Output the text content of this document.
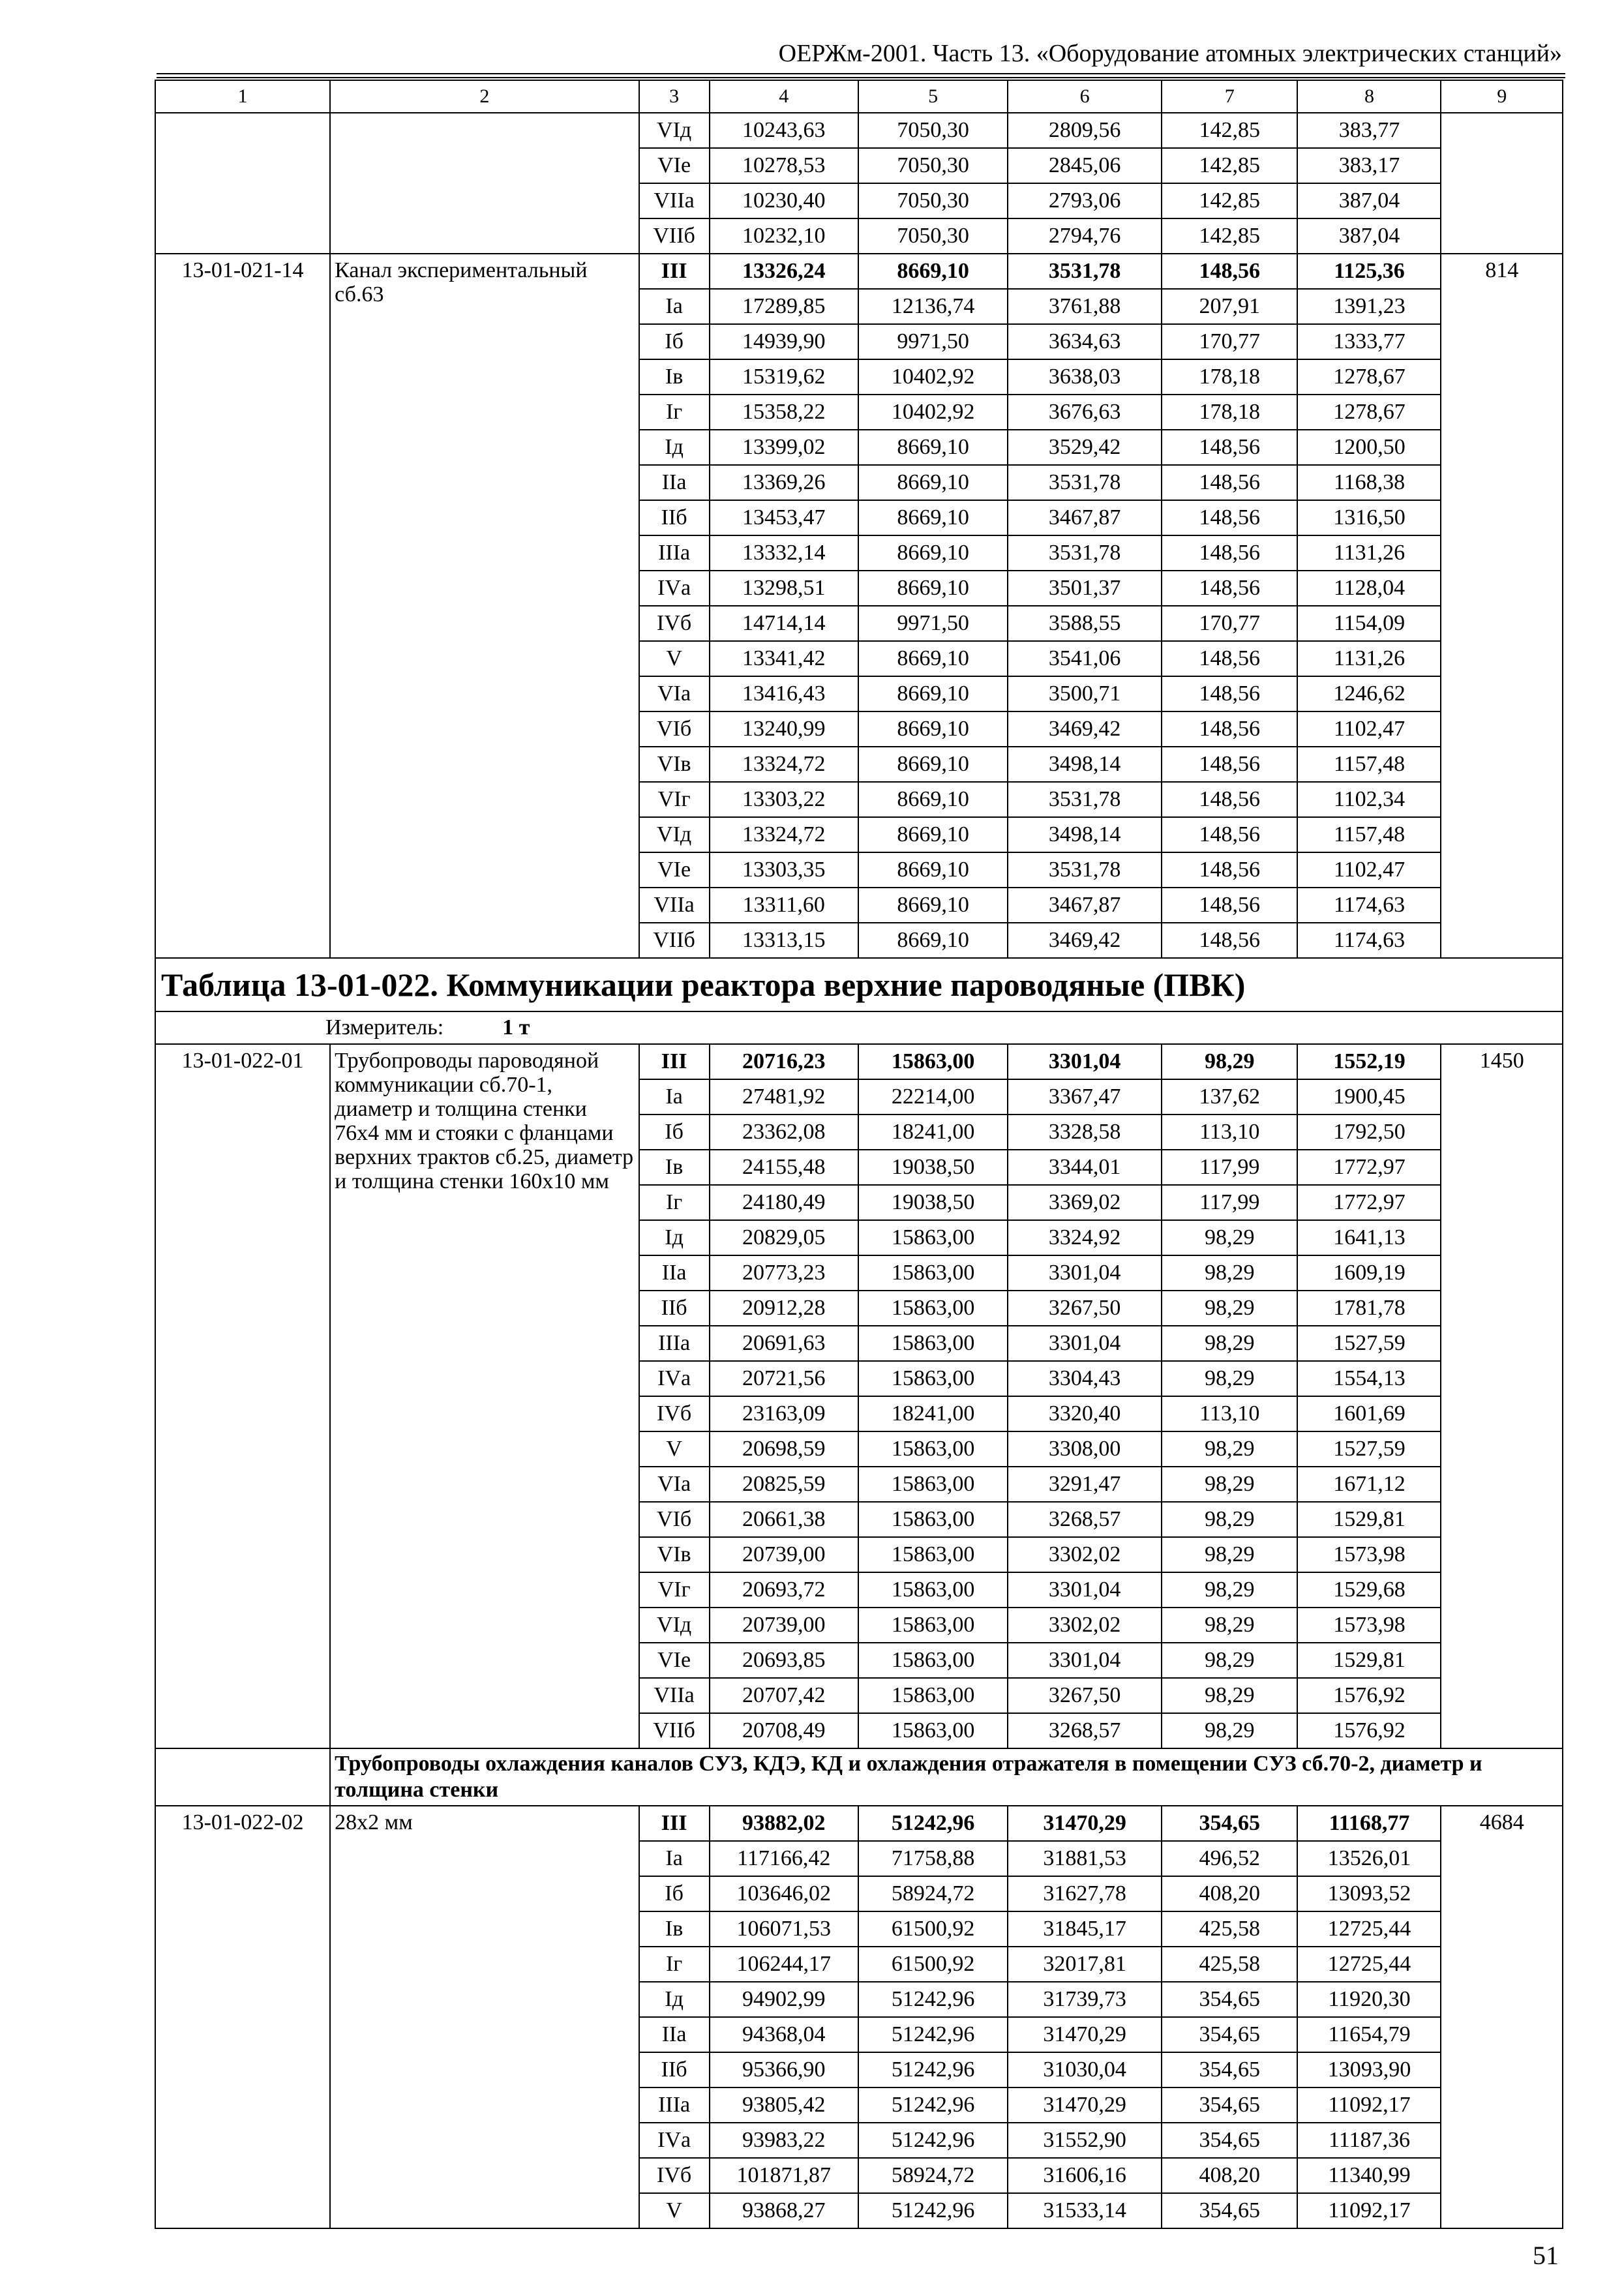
ОЕРЖм-2001. Часть 13. «Оборудование атомных электрических станций»
1	2	3	4	5	6	7	8	9
		VIд	10243,63	7050,30	2809,56	142,85	383,77	
		VIе	10278,53	7050,30	2845,06	142,85	383,17	
		VIIа	10230,40	7050,30	2793,06	142,85	387,04	
		VIIб	10232,10	7050,30	2794,76	142,85	387,04	
13-01-021-14	Канал экспериментальный сб.63	III	13326,24	8669,10	3531,78	148,56	1125,36	814
		Iа	17289,85	12136,74	3761,88	207,91	1391,23	
		Iб	14939,90	9971,50	3634,63	170,77	1333,77	
		Iв	15319,62	10402,92	3638,03	178,18	1278,67	
		Iг	15358,22	10402,92	3676,63	178,18	1278,67	
		Iд	13399,02	8669,10	3529,42	148,56	1200,50	
		IIа	13369,26	8669,10	3531,78	148,56	1168,38	
		IIб	13453,47	8669,10	3467,87	148,56	1316,50	
		IIIа	13332,14	8669,10	3531,78	148,56	1131,26	
		IVа	13298,51	8669,10	3501,37	148,56	1128,04	
		IVб	14714,14	9971,50	3588,55	170,77	1154,09	
		V	13341,42	8669,10	3541,06	148,56	1131,26	
		VIа	13416,43	8669,10	3500,71	148,56	1246,62	
		VIб	13240,99	8669,10	3469,42	148,56	1102,47	
		VIв	13324,72	8669,10	3498,14	148,56	1157,48	
		VIг	13303,22	8669,10	3531,78	148,56	1102,34	
		VIд	13324,72	8669,10	3498,14	148,56	1157,48	
		VIе	13303,35	8669,10	3531,78	148,56	1102,47	
		VIIа	13311,60	8669,10	3467,87	148,56	1174,63	
		VIIб	13313,15	8669,10	3469,42	148,56	1174,63	
Таблица 13-01-022. Коммуникации реактора верхние пароводяные (ПВК)								
Измеритель: 1 т								
13-01-022-01	Трубопроводы пароводяной коммуникации сб.70-1, диаметр и толщина стенки 76х4 мм и стояки с фланцами верхних трактов сб.25, диаметр и толщина стенки 160х10 мм	III	20716,23	15863,00	3301,04	98,29	1552,19	1450
		Iа	27481,92	22214,00	3367,47	137,62	1900,45	
		Iб	23362,08	18241,00	3328,58	113,10	1792,50	
		Iв	24155,48	19038,50	3344,01	117,99	1772,97	
		Iг	24180,49	19038,50	3369,02	117,99	1772,97	
		Iд	20829,05	15863,00	3324,92	98,29	1641,13	
		IIа	20773,23	15863,00	3301,04	98,29	1609,19	
		IIб	20912,28	15863,00	3267,50	98,29	1781,78	
		IIIа	20691,63	15863,00	3301,04	98,29	1527,59	
		IVа	20721,56	15863,00	3304,43	98,29	1554,13	
		IVб	23163,09	18241,00	3320,40	113,10	1601,69	
		V	20698,59	15863,00	3308,00	98,29	1527,59	
		VIа	20825,59	15863,00	3291,47	98,29	1671,12	
		VIб	20661,38	15863,00	3268,57	98,29	1529,81	
		VIв	20739,00	15863,00	3302,02	98,29	1573,98	
		VIг	20693,72	15863,00	3301,04	98,29	1529,68	
		VIд	20739,00	15863,00	3302,02	98,29	1573,98	
		VIе	20693,85	15863,00	3301,04	98,29	1529,81	
		VIIа	20707,42	15863,00	3267,50	98,29	1576,92	
		VIIб	20708,49	15863,00	3268,57	98,29	1576,92	
	Трубопроводы охлаждения каналов СУЗ, КДЭ, КД и охлаждения отражателя в помещении СУЗ сб.70-2, диаметр и толщина стенки							
13-01-022-02	28х2 мм	III	93882,02	51242,96	31470,29	354,65	11168,77	4684
		Iа	117166,42	71758,88	31881,53	496,52	13526,01	
		Iб	103646,02	58924,72	31627,78	408,20	13093,52	
		Iв	106071,53	61500,92	31845,17	425,58	12725,44	
		Iг	106244,17	61500,92	32017,81	425,58	12725,44	
		Iд	94902,99	51242,96	31739,73	354,65	11920,30	
		IIа	94368,04	51242,96	31470,29	354,65	11654,79	
		IIб	95366,90	51242,96	31030,04	354,65	13093,90	
		IIIа	93805,42	51242,96	31470,29	354,65	11092,17	
		IVа	93983,22	51242,96	31552,90	354,65	11187,36	
		IVб	101871,87	58924,72	31606,16	408,20	11340,99	
		V	93868,27	51242,96	31533,14	354,65	11092,17	
51
